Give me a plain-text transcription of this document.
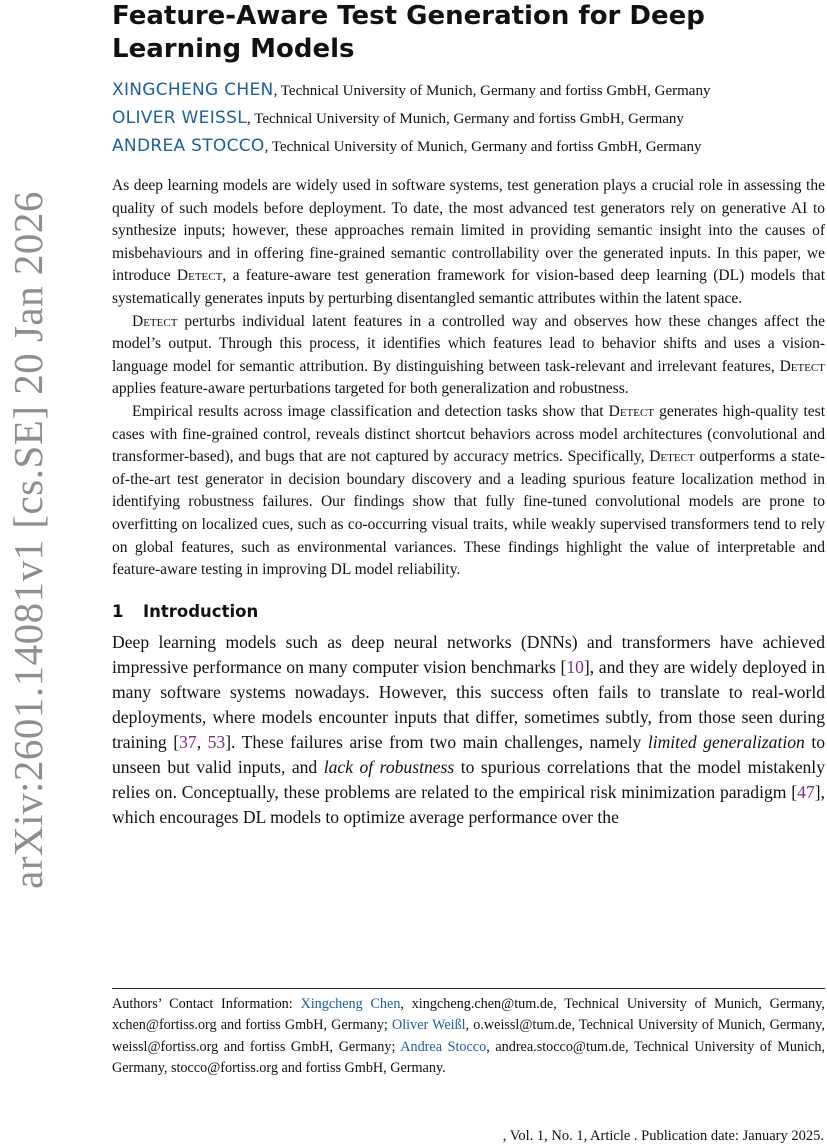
arXiv:2601.14081v1 [cs.SE] 20 Jan 2026
Feature-Aware Test Generation for Deep Learning Models
XINGCHENG CHEN, Technical University of Munich, Germany and fortiss GmbH, Germany
OLIVER WEISSL, Technical University of Munich, Germany and fortiss GmbH, Germany
ANDREA STOCCO, Technical University of Munich, Germany and fortiss GmbH, Germany

As deep learning models are widely used in software systems, test generation plays a crucial role in assessing the quality of such models before deployment. To date, the most advanced test generators rely on generative AI to synthesize inputs; however, these approaches remain limited in providing semantic insight into the causes of misbehaviours and in offering fine-grained semantic controllability over the generated inputs. In this paper, we introduce Detect, a feature-aware test generation framework for vision-based deep learning (DL) models that systematically generates inputs by perturbing disentangled semantic attributes within the latent space.

Detect perturbs individual latent features in a controlled way and observes how these changes affect the model’s output. Through this process, it identifies which features lead to behavior shifts and uses a vision-language model for semantic attribution. By distinguishing between task-relevant and irrelevant features, Detect applies feature-aware perturbations targeted for both generalization and robustness.

Empirical results across image classification and detection tasks show that Detect generates high-quality test cases with fine-grained control, reveals distinct shortcut behaviors across model architectures (convolutional and transformer-based), and bugs that are not captured by accuracy metrics. Specifically, Detect outperforms a state-of-the-art test generator in decision boundary discovery and a leading spurious feature localization method in identifying robustness failures. Our findings show that fully fine-tuned convolutional models are prone to overfitting on localized cues, such as co-occurring visual traits, while weakly supervised transformers tend to rely on global features, such as environmental variances. These findings highlight the value of interpretable and feature-aware testing in improving DL model reliability.

1 Introduction

Deep learning models such as deep neural networks (DNNs) and transformers have achieved impressive performance on many computer vision benchmarks [10], and they are widely deployed in many software systems nowadays. However, this success often fails to translate to real-world deployments, where models encounter inputs that differ, sometimes subtly, from those seen during training [37, 53]. These failures arise from two main challenges, namely limited generalization to unseen but valid inputs, and lack of robustness to spurious correlations that the model mistakenly relies on. Conceptually, these problems are related to the empirical risk minimization paradigm [47], which encourages DL models to optimize average performance over the

Authors’ Contact Information: Xingcheng Chen, xingcheng.chen@tum.de, Technical University of Munich, Germany, xchen@fortiss.org and fortiss GmbH, Germany; Oliver Weißl, o.weissl@tum.de, Technical University of Munich, Germany, weissl@fortiss.org and fortiss GmbH, Germany; Andrea Stocco, andrea.stocco@tum.de, Technical University of Munich, Germany, stocco@fortiss.org and fortiss GmbH, Germany.
, Vol. 1, No. 1, Article . Publication date: January 2025.
